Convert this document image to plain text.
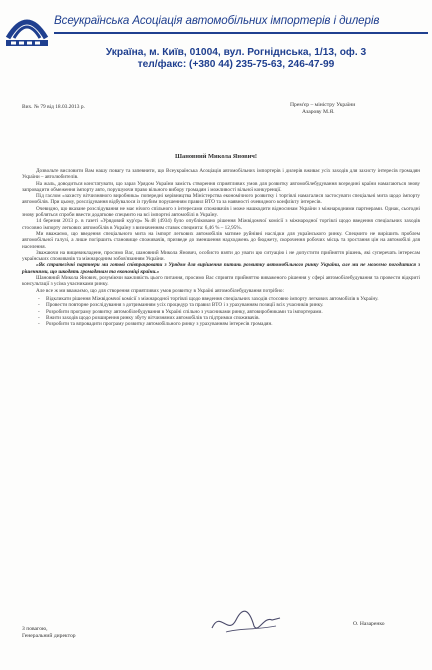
Всеукраїнська Асоціація автомобільних імпортерів і дилерів
Україна, м. Київ, 01004, вул. Рогніднська, 1/13, оф. 3
тел/факс: (+380 44) 235-75-63, 246-47-99
Вих. № 79 від 18.03.2013 р.	Прем'єр – міністру України
Азарову М.Я.
Шановний Микола Янович!

Дозвольте висловити Вам нашу повагу та запевнити, що Всеукраїнська Асоціація автомобільних імпортерів і дилерів вживає усіх заходів для захисту інтересів громадян України – автолюбителів.

На жаль, доводиться констатувати, що зараз Урядом України замість створення сприятливих умов для розвитку автомобілебудування всередині країни намагаються знову запровадити обмеження імпорту авто, порушуючи право вільного вибору громадян і можливості вільної конкуренції.

Під гаслом «захисту вітчизняного виробника» попередні керівництва Міністерства економічного розвитку і торгівлі намагалися застосувати спеціальні мита щодо імпорту автомобілів. При цьому, розслідування відбувалося із грубим порушенням правил ВТО та за наявності очевидного конфлікту інтересів.

Очевидно, що вказане розслідування не має нічого спільного з інтересами споживачів і може нашкодити відносинам України з міжнародними партнерами. Однак, сьогодні знову робляться спроби ввести додаткове спецмито на всі імпортні автомобілі в Україну.

14 березня 2013 р. в газеті «Урядовий кур'єр» №48 (4934) було опубліковано рішення Міжвідомчої комісії з міжнародної торгівлі щодо введення спеціальних заходів стосовно імпорту легкових автомобілів в Україну з визначенням ставок спецмита: 6,46 % – 12,95%.

Ми вважаємо, що введення спеціального мита на імпорт легкових автомобілів матиме руйнівні наслідки для українського ринку. Спецмито не вирішить проблем автомобільної галузі, а лише погіршить становище споживачів, призведе до зменшення надходжень до бюджету, скорочення робочих місць та зростання цін на автомобілі для населення.

Зважаючи на вищевикладене, просимо Вас, шановний Микола Янович, особисто взяти до уваги цю ситуацію і не допустити прийняття рішень, які суперечать інтересам українських споживачів та міжнародним зобов'язанням України.

«Як стратегічні партнери ми готові співпрацювати з Урядом для вирішення питань розвитку автомобільного ринку України, але ми не можемо погодитися з рішеннями, що шкодять громадянам та економіці країни.»

Шановний Микола Янович, розуміючи важливість цього питання, просимо Вас сприяти прийняттю виваженого рішення у сфері автомобілебудування та провести відкриті консультації з усіма учасниками ринку.

Але все ж ми вважаємо, що для створення сприятливих умов розвитку в Україні автомобілебудування потрібно:

- Відкликати рішення Міжвідомчої комісії з міжнародної торгівлі щодо введення спеціальних заходів стосовно імпорту легкових автомобілів в Україну.
- Провести повторне розслідування з дотриманням усіх процедур та правил ВТО і з урахуванням позиції всіх учасників ринку.
- Розробити програму розвитку автомобілебудування в Україні спільно з учасниками ринку, автовиробниками та імпортерами.
- Вжити заходів щодо розширення ринку збуту вітчизняних автомобілів та підтримки споживачів.
- Розробити та впровадити програму розвитку автомобільного ринку з урахуванням інтересів громадян.
З повагою,
Генеральний директор
О. Назаренко
